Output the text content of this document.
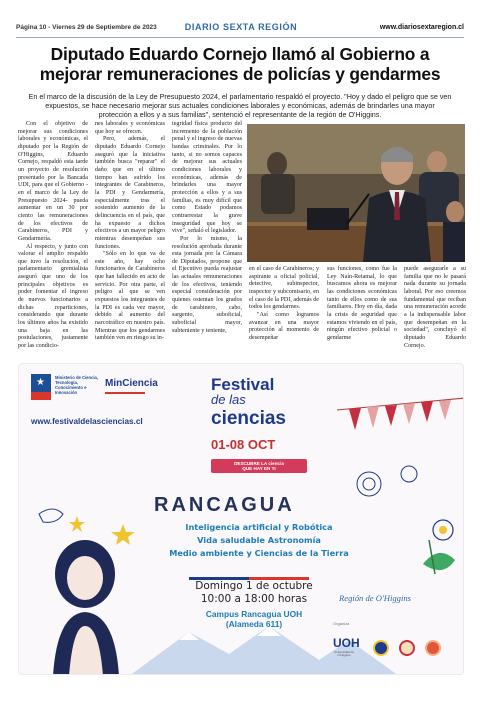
Página 10 - Viernes 29 de Septiembre de 2023	DIARIO SEXTA REGIÓN	www.diariosextaregion.cl
Diputado Eduardo Cornejo llamó al Gobierno a mejorar remuneraciones de policías y gendarmes
En el marco de la discusión de la Ley de Presupuesto 2024, el parlamentario respaldó el proyecto. "Hoy y dado el peligro que se ven expuestos, se hace necesario mejorar sus actuales condiciones laborales y económicas, además de brindarles una mayor protección a ellos y a sus familias", sentenció el representante de la región de O'Higgins.

Con el objetivo de mejorar sus condiciones laborales y económicas, el diputado por la Región de O'Higgins, Eduardo Cornejo, respaldó esta tarde un proyecto de resolución presentado por la Bancada UDI, para que el Gobierno -en el marco de la Ley de Presupuesto 2024- pueda aumentar en un 30 por ciento las remuneraciones de los efectivos de Carabineros, PDI y Gendarmería.

Al respecto, y junto con valorar el amplio respaldo que tuvo la resolución, el parlamentario gremialista aseguró que uno de los principales objetivos es poder fomentar el ingreso de nuevos funcionarios a dichas reparticiones, considerando que durante los últimos años ha existido una baja en las postulaciones, justamente por las condicio-

nes laborales y económicas que hoy se ofrecen.

Pero, además, el diputado Eduardo Cornejo aseguró que la iniciativa también busca "reparar" el daño que en el último tiempo han sufrido los integrantes de Carabineros, la PDI y Gendarmería, especialmente tras el sostenido aumento de la delincuencia en el país, que ha expuesto a dichos efectivos a un mayor peligro mientras desempeñan sus funciones.

"Sólo en lo que va de este año, hay ocho funcionarios de Carabineros que han fallecido en acto de servicio. Por otra parte, el peligro al que se ven expuestos los integrantes de la PDI es cada vez mayor, debido al aumento del narcotráfico en nuestro país. Mientras que los gendarmes también ven en riesgo su in-

tegridad física producto del incremento de la población penal y el ingreso de nuevas bandas criminales. Por lo tanto, si no somos capaces de mejorar sus actuales condiciones laborales y económicas, además de brindarles una mayor protección a ellos y a sus familias, es muy difícil que como Estado podamos contrarrestar la grave inseguridad que hoy se vive", señaló el legislador.

Por lo mismo, la resolución aprobada durante esta jornada por la Cámara de Diputados, propone que el Ejecutivo pueda reajustar las actuales remuneraciones de los efectivos, teniendo especial consideración por quienes ostentan los grados de carabinero, cabo, sargento, suboficial, suboficial mayor, subteniente y teniente,

en el caso de Carabineros; y aspirante a oficial policial, detective, subinspector, inspector y subcomisario, en el caso de la PDI, además de todos los gendarmes.

"Así como logramos avanzar en una mayor protección al momento de desempeñar

sus funciones, como fue la Ley Naín-Retamal, lo que buscamos ahora es mejorar las condiciones económicas tanto de ellos como de sus familiares. Hoy en día, dada la crisis de seguridad que estamos viviendo en el país, ningún efectivo policial o gendarme

puede asegurarle a su familia que no le pasará nada durante su jornada laboral. Por eso creemos fundamental que reciban una remuneración acorde a la indispensable labor que desempeñan en la sociedad", concluyó el diputado Eduardo Cornejo.

★ Ministerio de Ciencia, Tecnología, Conocimiento e Innovación
MinCiencia
www.festivaldelasciencias.cl
Festival
de las
ciencias
01-08 OCT
DESCUBRE LA ciencia
QUE HAY EN TI
RANCAGUA
Inteligencia artificial y Robótica
Vida saludable Astronomía
Medio ambiente y Ciencias de la Tierra
Domingo 1 de octubre
10:00 a 18:00 horas
Campus Rancagua UOH
(Alameda 611)
Región de O'Higgins
Organiza
UOH
Universidad de O'Higgins
